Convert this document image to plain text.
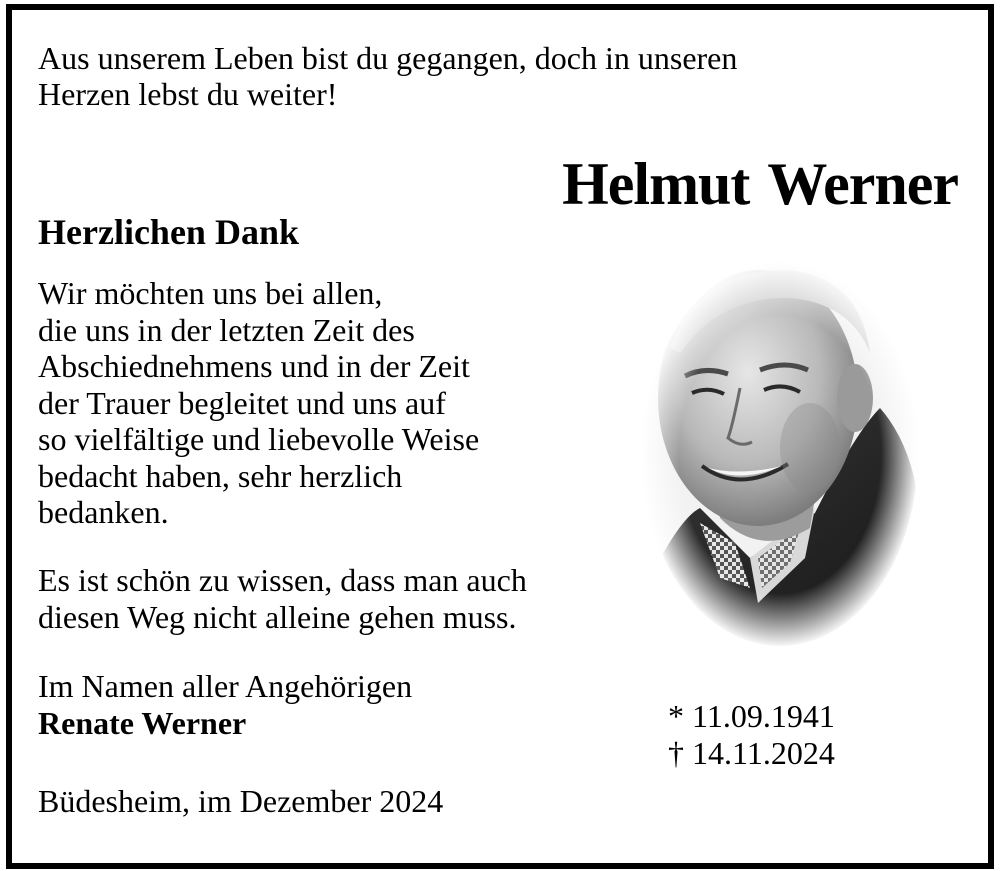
Aus unserem Leben bist du gegangen, doch in unseren
Herzen lebst du weiter!
Helmut Werner
Herzlichen Dank
Wir möchten uns bei allen,
die uns in der letzten Zeit des
Abschiednehmens und in der Zeit
der Trauer begleitet und uns auf
so vielfältige und liebevolle Weise
bedacht haben, sehr herzlich
bedanken.
Es ist schön zu wissen, dass man auch
diesen Weg nicht alleine gehen muss.
Im Namen aller Angehörigen
Renate Werner
Büdesheim, im Dezember 2024
* 11.09.1941
† 14.11.2024
